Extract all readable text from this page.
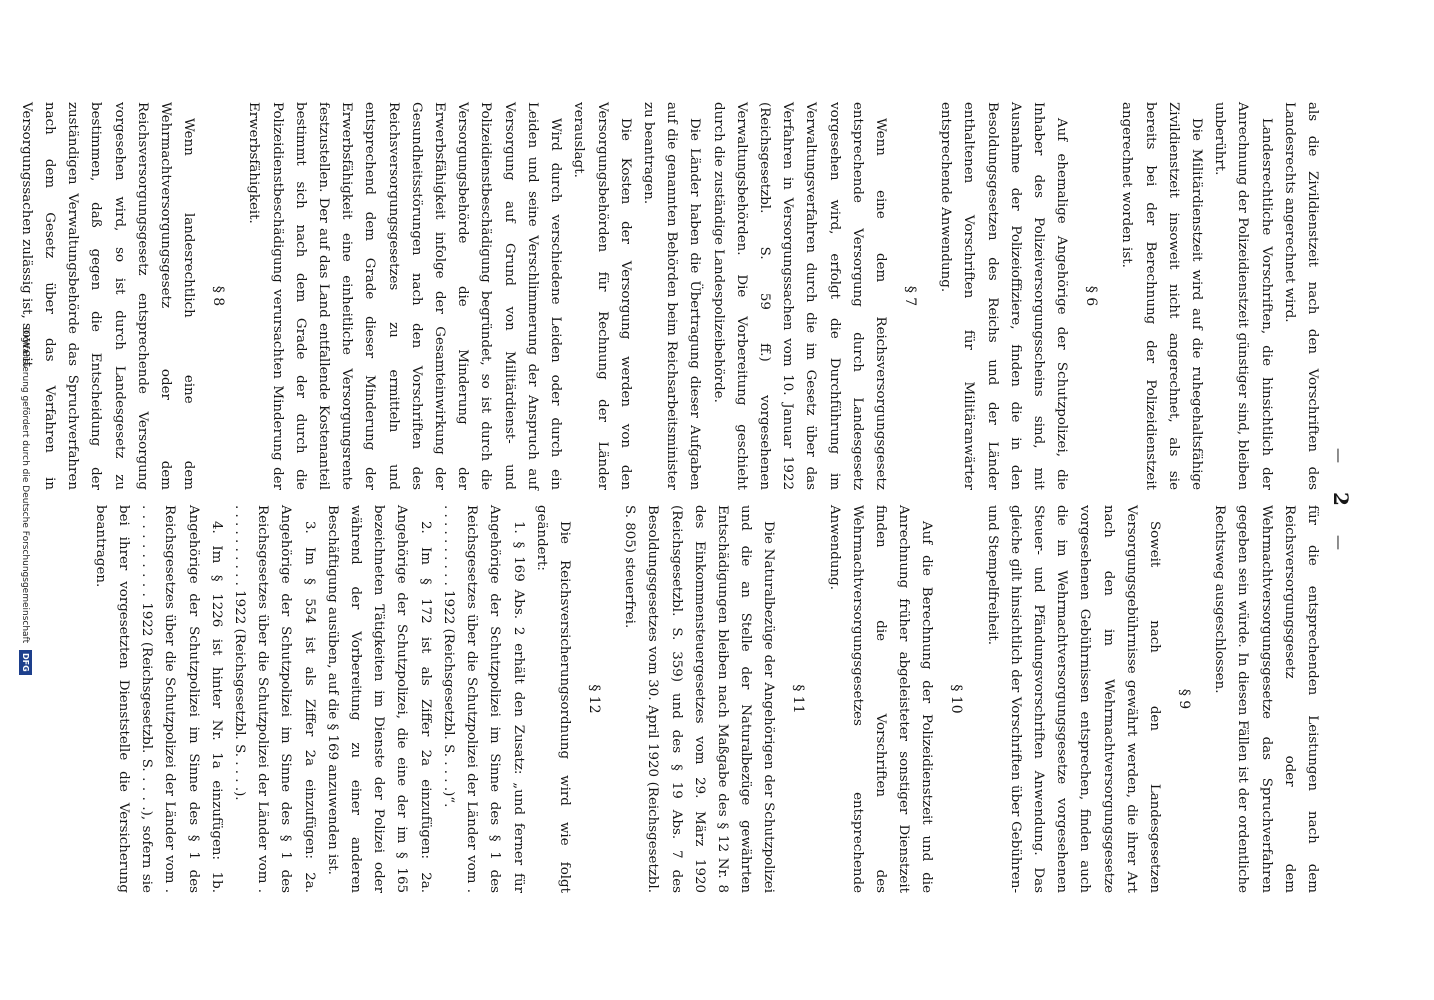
—    2    —

als die Zivildienstzeit nach den Vorschriften des Landesrechts angerechnet wird.

Landesrechtliche Vorschriften, die hinsichtlich der Anrechnung der Polizeidienstzeit günstiger sind, bleiben unberührt.

Die Militärdienstzeit wird auf die ruhegehaltsfähige Zivildienstzeit insoweit nicht angerechnet, als sie bereits bei der Berechnung der Polizeidienstzeit angerechnet worden ist.

§ 6

Auf ehemalige Angehörige der Schutzpolizei, die Inhaber des Polizeiversorgungsscheins sind, mit Ausnahme der Polizeioffiziere, finden die in den Besoldungsgesetzen des Reichs und der Länder enthaltenen Vorschriften für Militäranwärter entsprechende Anwendung.

§ 7

Wenn eine dem Reichsversorgungsgesetz entsprechende Versorgung durch Landesgesetz vorgesehen wird, erfolgt die Durchführung im Verwaltungsverfahren durch die im Gesetz über das Verfahren in Versorgungssachen vom 10. Januar 1922 (Reichsgesetzbl. S. 59 ff.) vorgesehenen Verwaltungsbehörden. Die Vorbereitung geschieht durch die zuständige Landespolizeibehörde.

Die Länder haben die Übertragung dieser Aufgaben auf die genannten Behörden beim Reichsarbeitsminister zu beantragen.

Die Kosten der Versorgung werden von den Versorgungsbehörden für Rechnung der Länder verauslagt.

Wird durch verschiedene Leiden oder durch ein Leiden und seine Verschlimmerung der Anspruch auf Versorgung auf Grund von Militärdienst- und Polizeidienstbeschädigung begründet, so ist durch die Versorgungsbehörde die Minderung der Erwerbsfähigkeit infolge der Gesamteinwirkung der Gesundheitsstörungen nach den Vorschriften des Reichsversorgungsgesetzes zu ermitteln und entsprechend dem Grade dieser Minderung der Erwerbsfähigkeit eine einheitliche Versorgungsrente festzustellen. Der auf das Land entfallende Kostenanteil bestimmt sich nach dem Grade der durch die Polizeidienstbeschädigung verursachten Minderung der Erwerbsfähigkeit.

§ 8

Wenn landesrechtlich eine dem Wehrmachtversorgungsgesetz oder dem Reichsversorgungsgesetz entsprechende Versorgung vorgesehen wird, so ist durch Landesgesetz zu bestimmen, daß gegen die Entscheidung der zuständigen Verwaltungsbehörde das Spruchverfahren nach dem Gesetz über das Verfahren in Versorgungssachen zulässig ist, soweit

für die entsprechenden Leistungen nach dem Reichsversorgungsgesetz oder dem Wehrmachtversorgungsgesetze das Spruchverfahren gegeben sein würde. In diesen Fällen ist der ordentliche Rechtsweg ausgeschlossen.

§ 9

Soweit nach den Landesgesetzen Versorgungsgebührnisse gewährt werden, die ihrer Art nach den im Wehrmachtversorgungsgesetze vorgesehenen Gebührnissen entsprechen, finden auch die im Wehrmachtversorgungsgesetze vorgesehenen Steuer- und Pfändungsvorschriften Anwendung. Das gleiche gilt hinsichtlich der Vorschriften über Gebühren- und Stempelfreiheit.

§ 10

Auf die Berechnung der Polizeidienstzeit und die Anrechnung früher abgeleisteter sonstiger Dienstzeit finden die Vorschriften des Wehrmachtversorgungsgesetzes entsprechende Anwendung.

§ 11

Die Naturalbezüge der Angehörigen der Schutzpolizei und die an Stelle der Naturalbezüge gewährten Entschädigungen bleiben nach Maßgabe des § 12 Nr. 8 des Einkommensteuergesetzes vom 29. März 1920 (Reichsgesetzbl. S. 359) und des § 19 Abs. 7 des Besoldungsgesetzes vom 30. April 1920 (Reichsgesetzbl. S. 805) steuerfrei.

§ 12

Die Reichsversicherungsordnung wird wie folgt geändert:

1. § 169 Abs. 2 erhält den Zusatz: „und ferner für Angehörige der Schutzpolizei im Sinne des § 1 des Reichsgesetzes über die Schutzpolizei der Länder vom . . . . . . . . . . . 1922 (Reichsgesetzbl. S. . . . .)“.

2. Im § 172 ist als Ziffer 2a einzufügen: 2a. Angehörige der Schutzpolizei, die eine der im § 165 bezeichneten Tätigkeiten im Dienste der Polizei oder während der Vorbereitung zu einer anderen Beschäftigung ausüben, auf die § 169 anzuwenden ist.

3. Im § 554 ist als Ziffer 2a einzufügen: 2a. Angehörige der Schutzpolizei im Sinne des § 1 des Reichsgesetzes über die Schutzpolizei der Länder vom . . . . . . . . . . . 1922 (Reichsgesetzbl. S. . . . .).

4. Im § 1226 ist hinter Nr. 1a einzufügen: 1b. Angehörige der Schutzpolizei im Sinne des § 1 des Reichsgesetzes über die Schutzpolizei der Länder vom . . . . . . . . . . . 1922 (Reichsgesetzbl. S. . . . .), sofern sie bei ihrer vorgesetzten Dienststelle die Versicherung beantragen.

Digitalisierung gefördert durch die Deutsche Forschungsgemeinschaft DFG
